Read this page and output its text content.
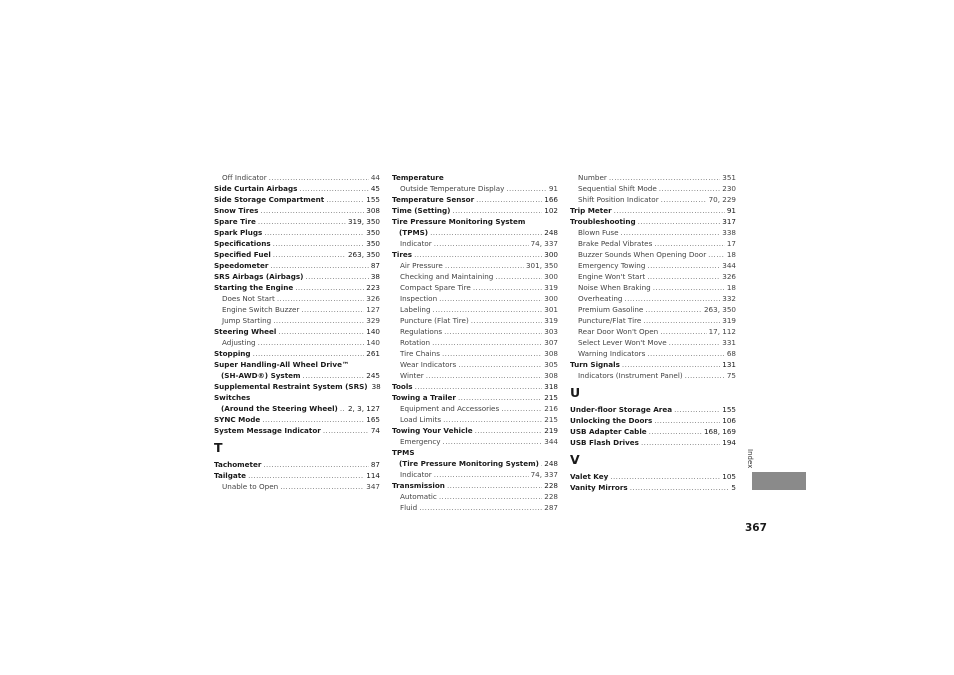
Off Indicator .....	44
Side Curtain Airbags .....	45
Side Storage Compartment .....	155
Snow Tires .....	308
Spare Tire .....	319, 350
Spark Plugs .....	350
Specifications .....	350
Specified Fuel .....	263, 350
Speedometer .....	87
SRS Airbags (Airbags) .....	38
Starting the Engine .....	223
Does Not Start .....	326
Engine Switch Buzzer .....	127
Jump Starting .....	329
Steering Wheel .....	140
Adjusting .....	140
Stopping .....	261
Super Handling-All Wheel Drive™
(SH-AWD®) System .....	245
Supplemental Restraint System (SRS) 38
Switches
(Around the Steering Wheel) ..... 2, 3, 127
SYNC Mode .....	165
System Message Indicator .....	74
T
Tachometer .....	87
Tailgate .....	114
Unable to Open .....	347
Temperature
Outside Temperature Display .....	91
Temperature Sensor .....	166
Time (Setting) .....	102
Tire Pressure Monitoring System
(TPMS) .....	248
Indicator .....	74, 337
Tires .....	300
Air Pressure .....	301, 350
Checking and Maintaining .....	300
Compact Spare Tire .....	319
Inspection .....	300
Labeling .....	301
Puncture (Flat Tire) .....	319
Regulations .....	303
Rotation .....	307
Tire Chains .....	308
Wear Indicators .....	305
Winter .....	308
Tools .....	318
Towing a Trailer .....	215
Equipment and Accessories .....	216
Load Limits .....	215
Towing Your Vehicle .....	219
Emergency .....	344
TPMS
(Tire Pressure Monitoring System) ..... 248
Indicator .....	74, 337
Transmission .....	228
Automatic .....	228
Fluid .....	287
Number .....	351
Sequential Shift Mode .....	230
Shift Position Indicator .....	70, 229
Trip Meter .....	91
Troubleshooting .....	317
Blown Fuse .....	338
Brake Pedal Vibrates .....	17
Buzzer Sounds When Opening Door .....	18
Emergency Towing .....	344
Engine Won't Start .....	326
Noise When Braking .....	18
Overheating .....	332
Premium Gasoline .....	263, 350
Puncture/Flat Tire .....	319
Rear Door Won't Open .....	17, 112
Select Lever Won't Move .....	331
Warning Indicators .....	68
Turn Signals .....	131
Indicators (Instrument Panel) .....	75
U
Under-floor Storage Area .....	155
Unlocking the Doors .....	106
USB Adapter Cable .....	168, 169
USB Flash Drives .....	194
V
Valet Key .....	105
Vanity Mirrors .....	5
Index
367
